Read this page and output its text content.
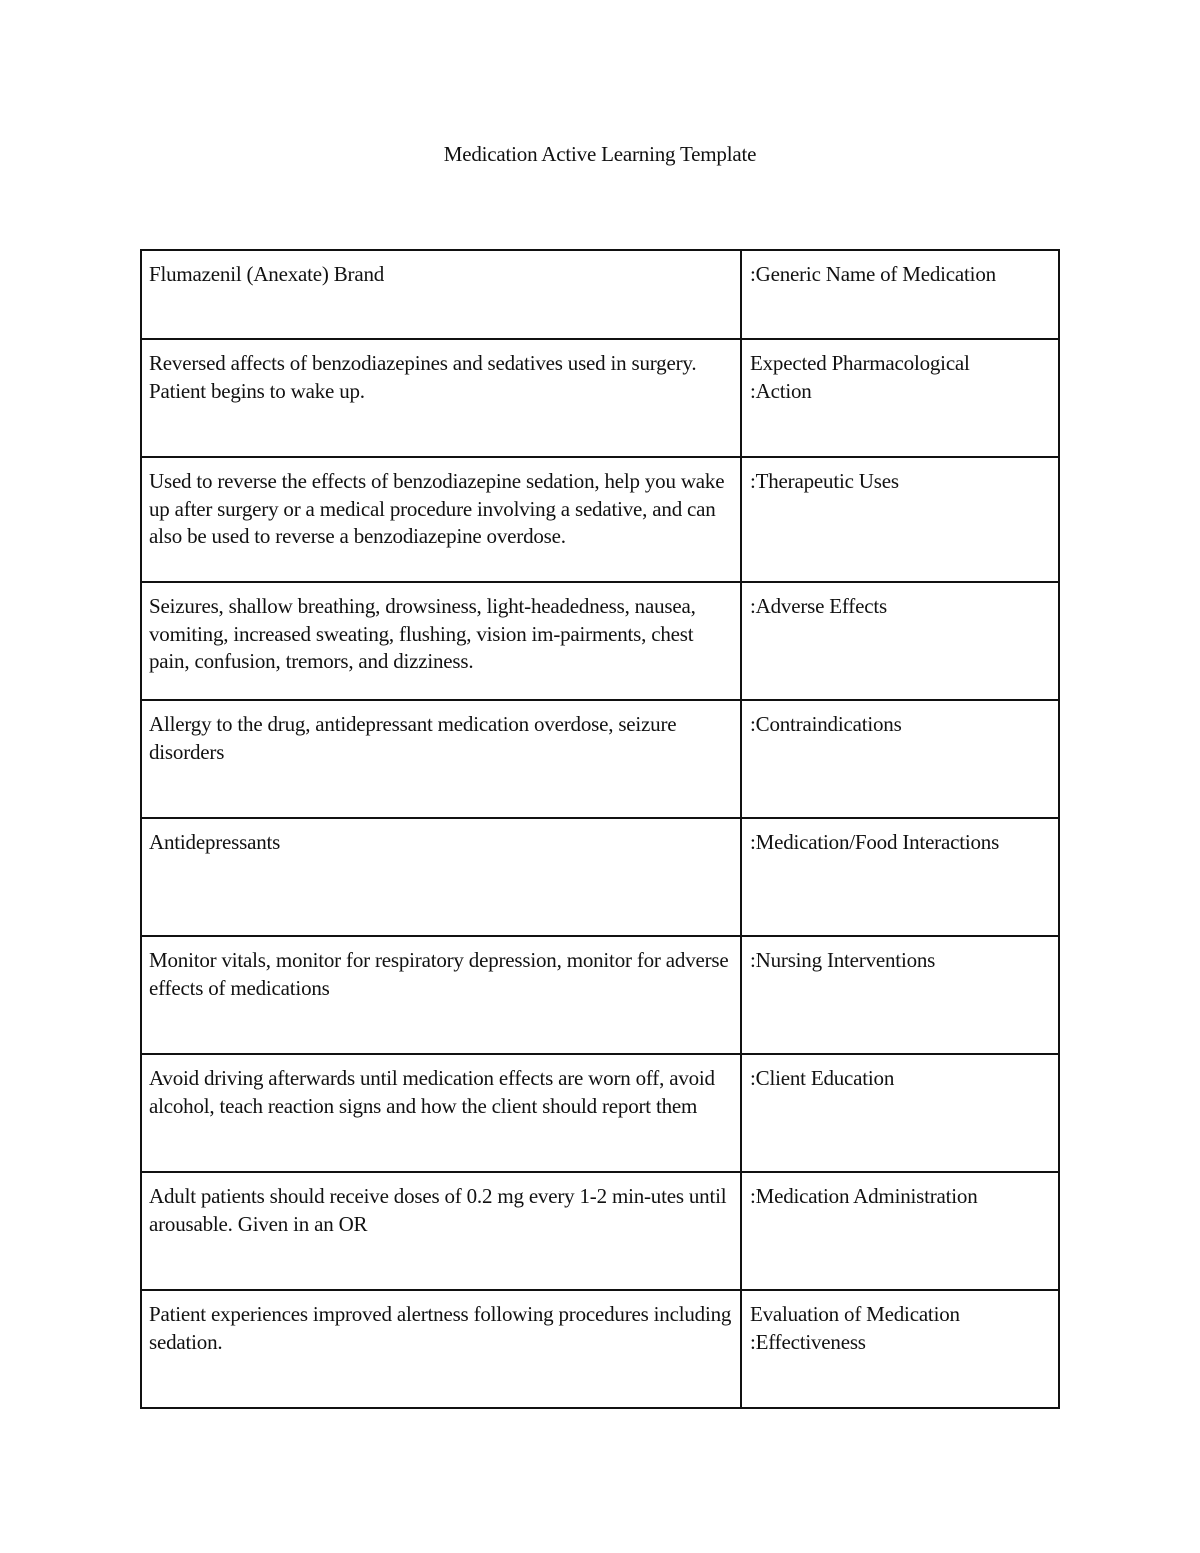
Medication Active Learning Template
Flumazenil (Anexate) Brand	:Generic Name of Medication

Reversed affects of benzodiazepines and sedatives used in surgery. Patient begins to wake up.	Expected Pharmacological
:Action

Used to reverse the effects of benzodiazepine sedation, help you wake up after surgery or a medical procedure involving a sedative, and can also be used to reverse a benzodiazepine overdose.	:Therapeutic Uses

Seizures, shallow breathing, drowsiness, light-headedness, nausea, vomiting, increased sweating, flushing, vision im-pairments, chest pain, confusion, tremors, and dizziness.	:Adverse Effects

Allergy to the drug, antidepressant medication overdose, seizure disorders	:Contraindications

Antidepressants	:Medication/Food Interactions

Monitor vitals, monitor for respiratory depression, monitor for adverse effects of medications	:Nursing Interventions

Avoid driving afterwards until medication effects are worn off, avoid alcohol, teach reaction signs and how the client should report them	:Client Education

Adult patients should receive doses of 0.2 mg every 1-2 min-utes until arousable. Given in an OR	:Medication Administration

Patient experiences improved alertness following procedures including sedation.	Evaluation of Medication
:Effectiveness
